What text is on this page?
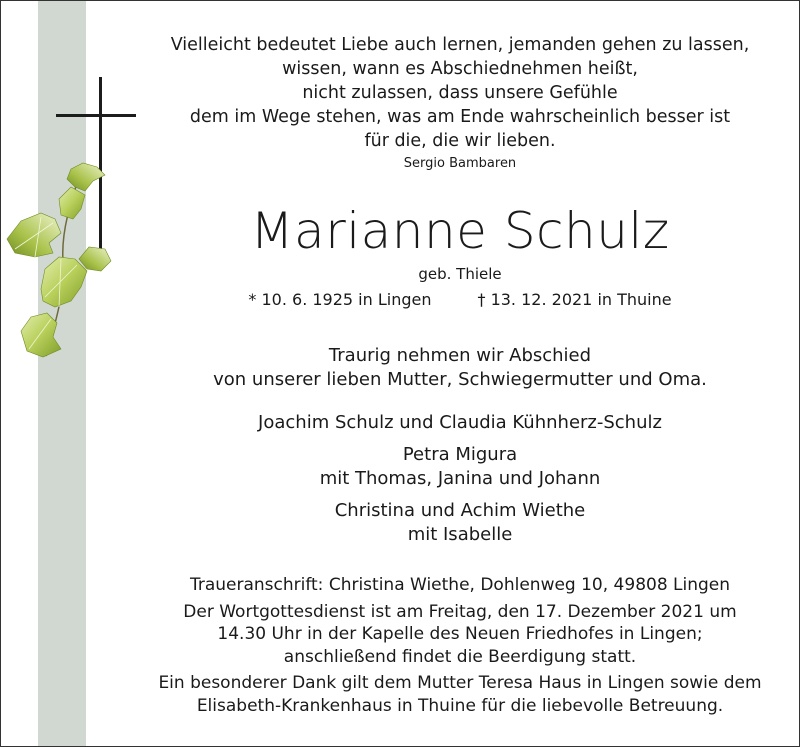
Vielleicht bedeutet Liebe auch lernen, jemanden gehen zu lassen,
wissen, wann es Abschiednehmen heißt,
nicht zulassen, dass unsere Gefühle
dem im Wege stehen, was am Ende wahrscheinlich besser ist
für die, die wir lieben.
Sergio Bambaren
Marianne Schulz
geb. Thiele
* 10. 6. 1925 in Lingen	† 13. 12. 2021 in Thuine
Traurig nehmen wir Abschied
von unserer lieben Mutter, Schwiegermutter und Oma.
Joachim Schulz und Claudia Kühnherz-Schulz
Petra Migura
mit Thomas, Janina und Johann
Christina und Achim Wiethe
mit Isabelle
Traueranschrift: Christina Wiethe, Dohlenweg 10, 49808 Lingen
Der Wortgottesdienst ist am Freitag, den 17. Dezember 2021 um
14.30 Uhr in der Kapelle des Neuen Friedhofes in Lingen;
anschließend findet die Beerdigung statt.
Ein besonderer Dank gilt dem Mutter Teresa Haus in Lingen sowie dem
Elisabeth-Krankenhaus in Thuine für die liebevolle Betreuung.
